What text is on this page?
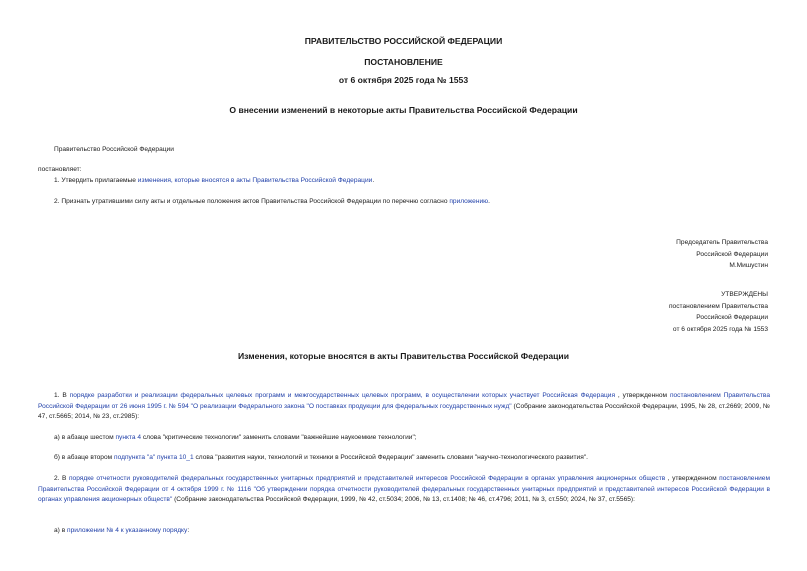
ПРАВИТЕЛЬСТВО РОССИЙСКОЙ ФЕДЕРАЦИИ
ПОСТАНОВЛЕНИЕ
от 6 октября 2025 года № 1553
О внесении изменений в некоторые акты Правительства Российской Федерации
Правительство Российской Федерации
постановляет:
1. Утвердить прилагаемые изменения, которые вносятся в акты Правительства Российской Федерации.
2. Признать утратившими силу акты и отдельные положения актов Правительства Российской Федерации по перечню согласно приложению.
Председатель Правительства
Российской Федерации
М.Мишустин
УТВЕРЖДЕНЫ
постановлением Правительства
Российской Федерации
от 6 октября 2025 года № 1553
Изменения, которые вносятся в акты Правительства Российской Федерации
1. В порядке разработки и реализации федеральных целевых программ и межгосударственных целевых программ, в осуществлении которых участвует Российская Федерация , утвержденном постановлением Правительства Российской Федерации от 26 июня 1995 г. № 594 "О реализации Федерального закона "О поставках продукции для федеральных государственных нужд" (Собрание законодательства Российской Федерации, 1995, № 28, ст.2669; 2009, № 47, ст.5665; 2014, № 23, ст.2985):
а) в абзаце шестом пункта 4 слова "критические технологии" заменить словами "важнейшие наукоемкие технологии";
б) в абзаце втором подпункта "а" пункта 10_1 слова "развития науки, технологий и техники в Российской Федерации" заменить словами "научно-технологического развития".
2. В порядке отчетности руководителей федеральных государственных унитарных предприятий и представителей интересов Российской Федерации в органах управления акционерных обществ , утвержденном постановлением Правительства Российской Федерации от 4 октября 1999 г. № 1116 "Об утверждении порядка отчетности руководителей федеральных государственных унитарных предприятий и представителей интересов Российской Федерации в органах управления акционерных обществ" (Собрание законодательства Российской Федерации, 1999, № 42, ст.5034; 2006, № 13, ст.1408; № 46, ст.4796; 2011, № 3, ст.550; 2024, № 37, ст.5565):
а) в приложении № 4 к указанному порядку:
